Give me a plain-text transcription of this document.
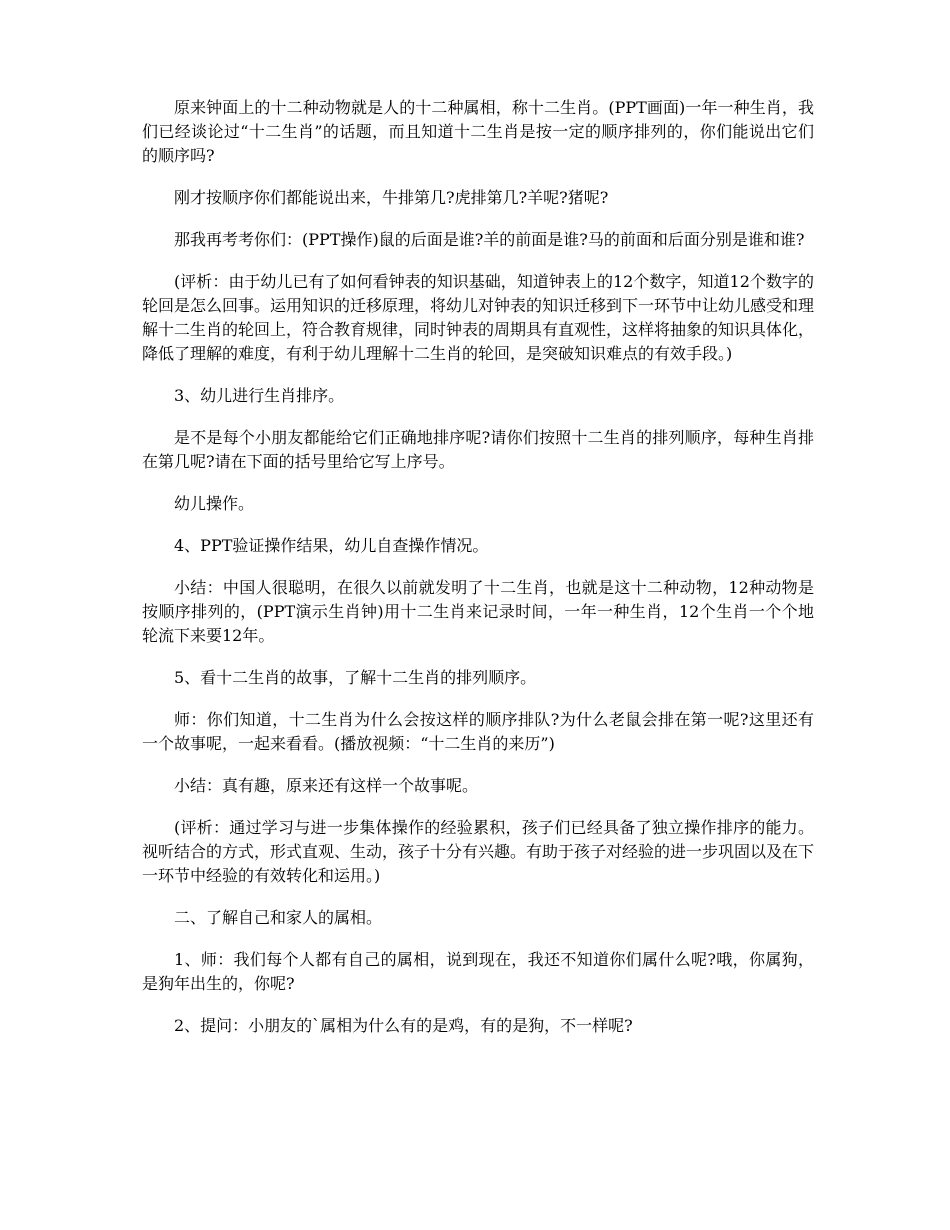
原来钟面上的十二种动物就是人的十二种属相，称十二生肖。(PPT画面)一年一种生肖，我们已经谈论过“十二生肖”的话题，而且知道十二生肖是按一定的顺序排列的，你们能说出它们的顺序吗?

刚才按顺序你们都能说出来，牛排第几?虎排第几?羊呢?猪呢?

那我再考考你们：(PPT操作)鼠的后面是谁?羊的前面是谁?马的前面和后面分别是谁和谁?

(评析：由于幼儿已有了如何看钟表的知识基础，知道钟表上的12个数字，知道12个数字的轮回是怎么回事。运用知识的迁移原理，将幼儿对钟表的知识迁移到下一环节中让幼儿感受和理解十二生肖的轮回上，符合教育规律，同时钟表的周期具有直观性，这样将抽象的知识具体化，降低了理解的难度，有利于幼儿理解十二生肖的轮回，是突破知识难点的有效手段。)

3、幼儿进行生肖排序。

是不是每个小朋友都能给它们正确地排序呢?请你们按照十二生肖的排列顺序，每种生肖排在第几呢?请在下面的括号里给它写上序号。

幼儿操作。

4、PPT验证操作结果，幼儿自查操作情况。

小结：中国人很聪明，在很久以前就发明了十二生肖，也就是这十二种动物，12种动物是按顺序排列的，(PPT演示生肖钟)用十二生肖来记录时间，一年一种生肖，12个生肖一个个地轮流下来要12年。

5、看十二生肖的故事，了解十二生肖的排列顺序。

师：你们知道，十二生肖为什么会按这样的顺序排队?为什么老鼠会排在第一呢?这里还有一个故事呢，一起来看看。(播放视频：“十二生肖的来历”)

小结：真有趣，原来还有这样一个故事呢。

(评析：通过学习与进一步集体操作的经验累积，孩子们已经具备了独立操作排序的能力。视听结合的方式，形式直观、生动，孩子十分有兴趣。有助于孩子对经验的进一步巩固以及在下一环节中经验的有效转化和运用。)

二、了解自己和家人的属相。

1、师：我们每个人都有自己的属相，说到现在，我还不知道你们属什么呢?哦，你属狗，是狗年出生的，你呢?

2、提问：小朋友的`属相为什么有的是鸡，有的是狗，不一样呢?
